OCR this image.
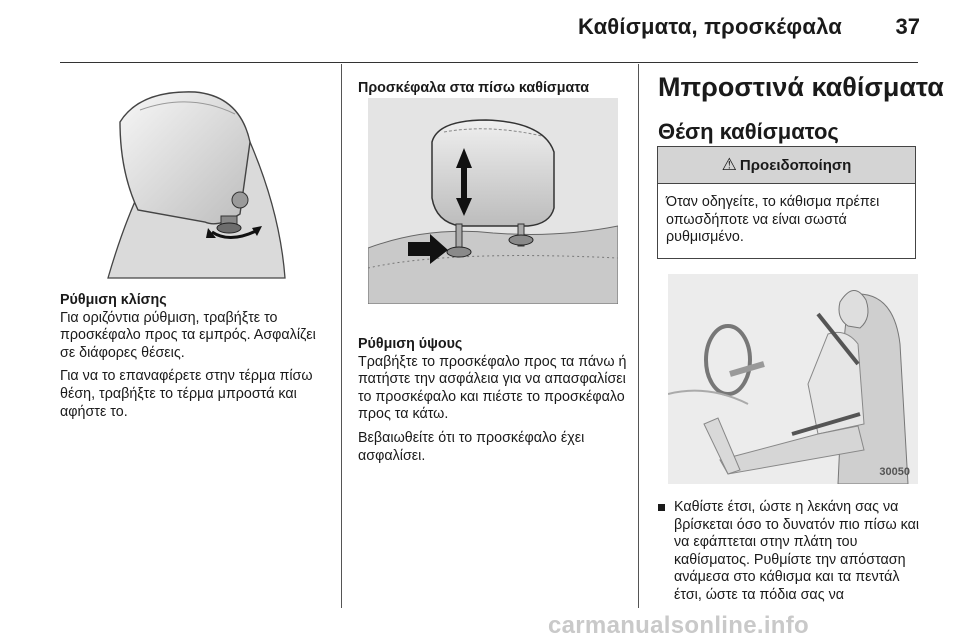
Καθίσματα, προσκέφαλα 37

Ρύθμιση κλίσης
Για οριζόντια ρύθμιση, τραβήξτε το προσκέφαλο προς τα εμπρός. Ασφαλίζει σε διάφορες θέσεις.

Για να το επαναφέρετε στην τέρμα πίσω θέση, τραβήξτε το τέρμα μπροστά και αφήστε το.

Προσκέφαλα στα πίσω καθίσματα

Ρύθμιση ύψους
Τραβήξτε το προσκέφαλο προς τα πάνω ή πατήστε την ασφάλεια για να απασφαλίσει το προσκέφαλο και πιέστε το προσκέφαλο προς τα κάτω.

Βεβαιωθείτε ότι το προσκέφαλο έχει ασφαλίσει.

Μπροστινά καθίσματα
Θέση καθίσματος
⚠ Προειδοποίηση
Όταν οδηγείτε, το κάθισμα πρέπει οπωσδήποτε να είναι σωστά ρυθμισμένο.
30050
Καθίστε έτσι, ώστε η λεκάνη σας να βρίσκεται όσο το δυνατόν πιο πίσω και να εφάπτεται στην πλάτη του καθίσματος. Ρυθμίστε την απόσταση ανάμεσα στο κάθισμα και τα πεντάλ έτσι, ώστε τα πόδια σας να
carmanualsonline.info
